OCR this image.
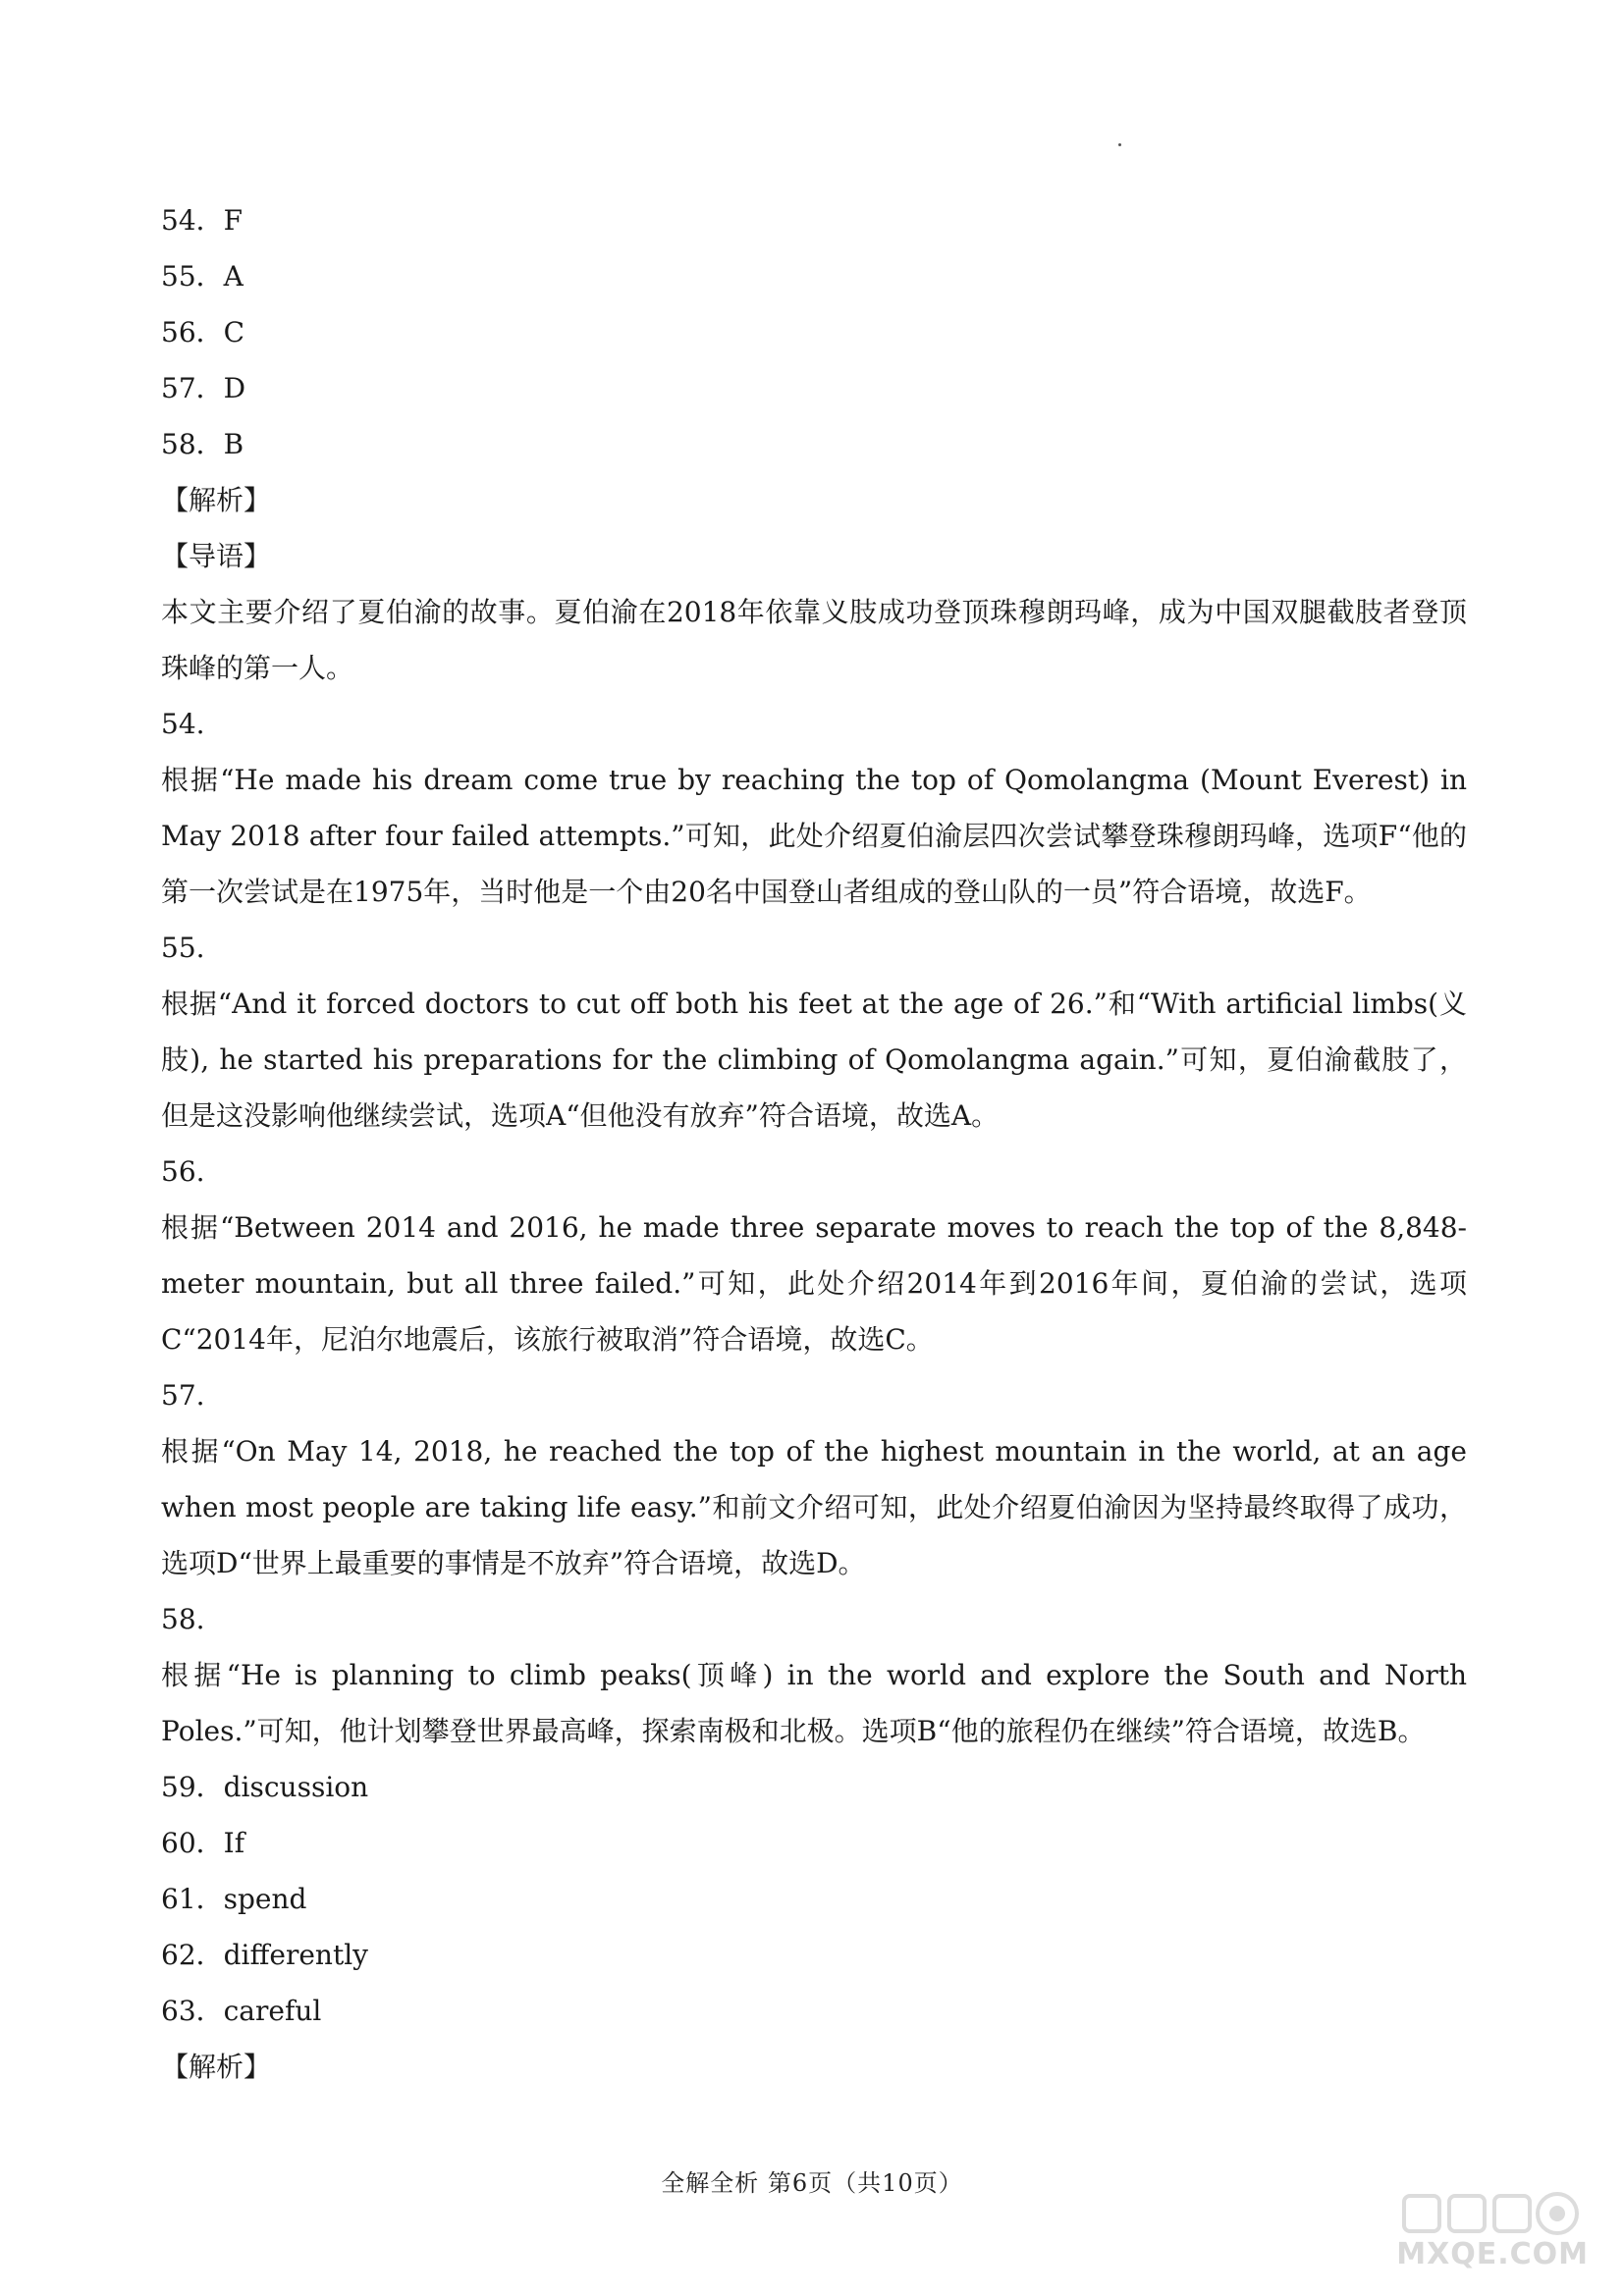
54．F
55．A
56．C
57．D
58．B
【解析】
【导语】
本文主要介绍了夏伯渝的故事。夏伯渝在2018年依靠义肢成功登顶珠穆朗玛峰，成为中国双腿截肢者登顶珠峰的第一人。
54.
根据“He made his dream come true by reaching the top of Qomolangma (Mount Everest) in May 2018 after four failed attempts.”可知，此处介绍夏伯渝层四次尝试攀登珠穆朗玛峰，选项F“他的第一次尝试是在1975年，当时他是一个由20名中国登山者组成的登山队的一员”符合语境，故选F。
55.
根据“And it forced doctors to cut off both his feet at the age of 26.”和“With artificial limbs(义肢), he started his preparations for the climbing of Qomolangma again.”可知，夏伯渝截肢了，但是这没影响他继续尝试，选项A“但他没有放弃”符合语境，故选A。
56.
根据“Between 2014 and 2016, he made three separate moves to reach the top of the 8,848-meter mountain, but all three failed.”可知，此处介绍2014年到2016年间，夏伯渝的尝试，选项C“2014年，尼泊尔地震后，该旅行被取消”符合语境，故选C。
57.
根据“On May 14, 2018, he reached the top of the highest mountain in the world, at an age when most people are taking life easy.”和前文介绍可知，此处介绍夏伯渝因为坚持最终取得了成功，选项D“世界上最重要的事情是不放弃”符合语境，故选D。
58.
根据“He is planning to climb peaks(顶峰) in the world and explore the South and North Poles.”可知，他计划攀登世界最高峰，探索南极和北极。选项B“他的旅程仍在继续”符合语境，故选B。
59．discussion
60．If
61．spend
62．differently
63．careful
【解析】
全解全析 第6页（共10页）
MXQE.COM
